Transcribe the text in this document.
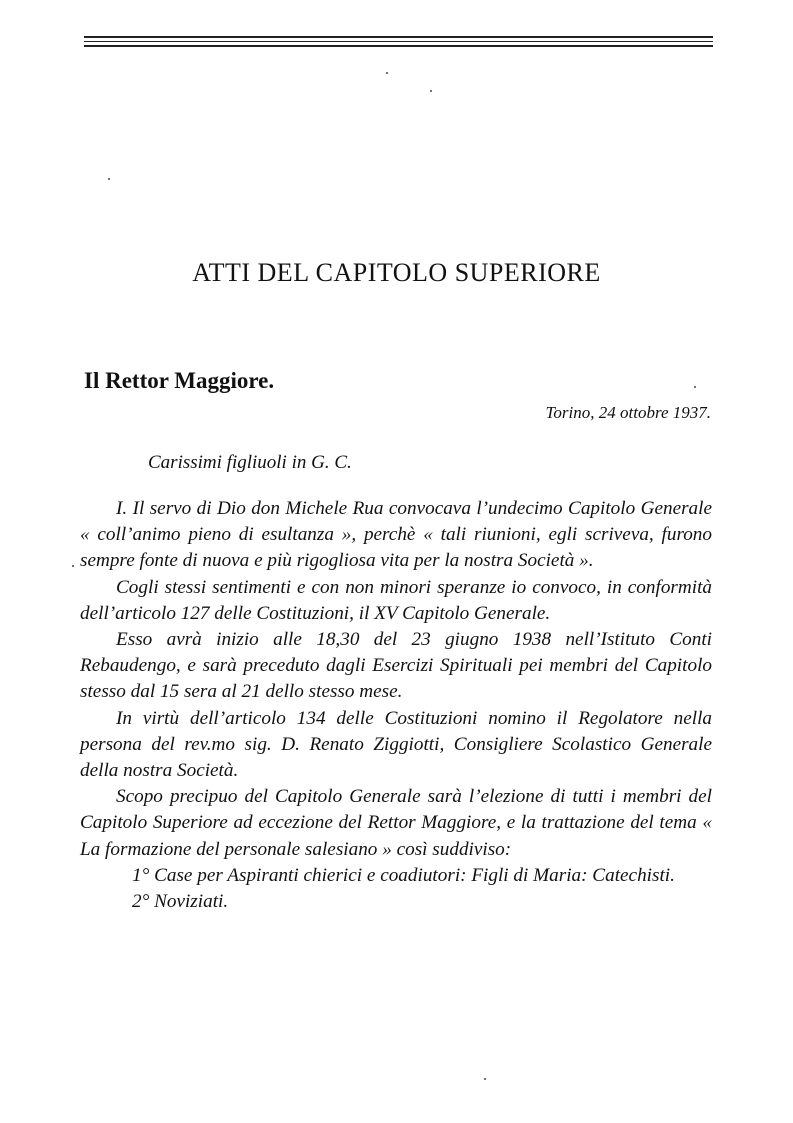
ATTI DEL CAPITOLO SUPERIORE
Il Rettor Maggiore.
Torino, 24 ottobre 1937.
Carissimi figliuoli in G. C.

I. Il servo di Dio don Michele Rua convocava l’undecimo Capitolo Generale « coll’animo pieno di esultanza », perchè « tali riunioni, egli scriveva, furono sempre fonte di nuova e più rigogliosa vita per la nostra Società ».

Cogli stessi sentimenti e con non minori speranze io convoco, in conformità dell’articolo 127 delle Costituzioni, il XV Capitolo Generale.

Esso avrà inizio alle 18,30 del 23 giugno 1938 nell’Istituto Conti Rebaudengo, e sarà preceduto dagli Esercizi Spirituali pei membri del Capitolo stesso dal 15 sera al 21 dello stesso mese.

In virtù dell’articolo 134 delle Costituzioni nomino il Regolatore nella persona del rev.mo sig. D. Renato Ziggiotti, Consigliere Scolastico Generale della nostra Società.

Scopo precipuo del Capitolo Generale sarà l’elezione di tutti i membri del Capitolo Superiore ad eccezione del Rettor Maggiore, e la trattazione del tema « La formazione del personale salesiano » così suddiviso:

1° Case per Aspiranti chierici e coadiutori: Figli di Maria: Catechisti.

2° Noviziati.
